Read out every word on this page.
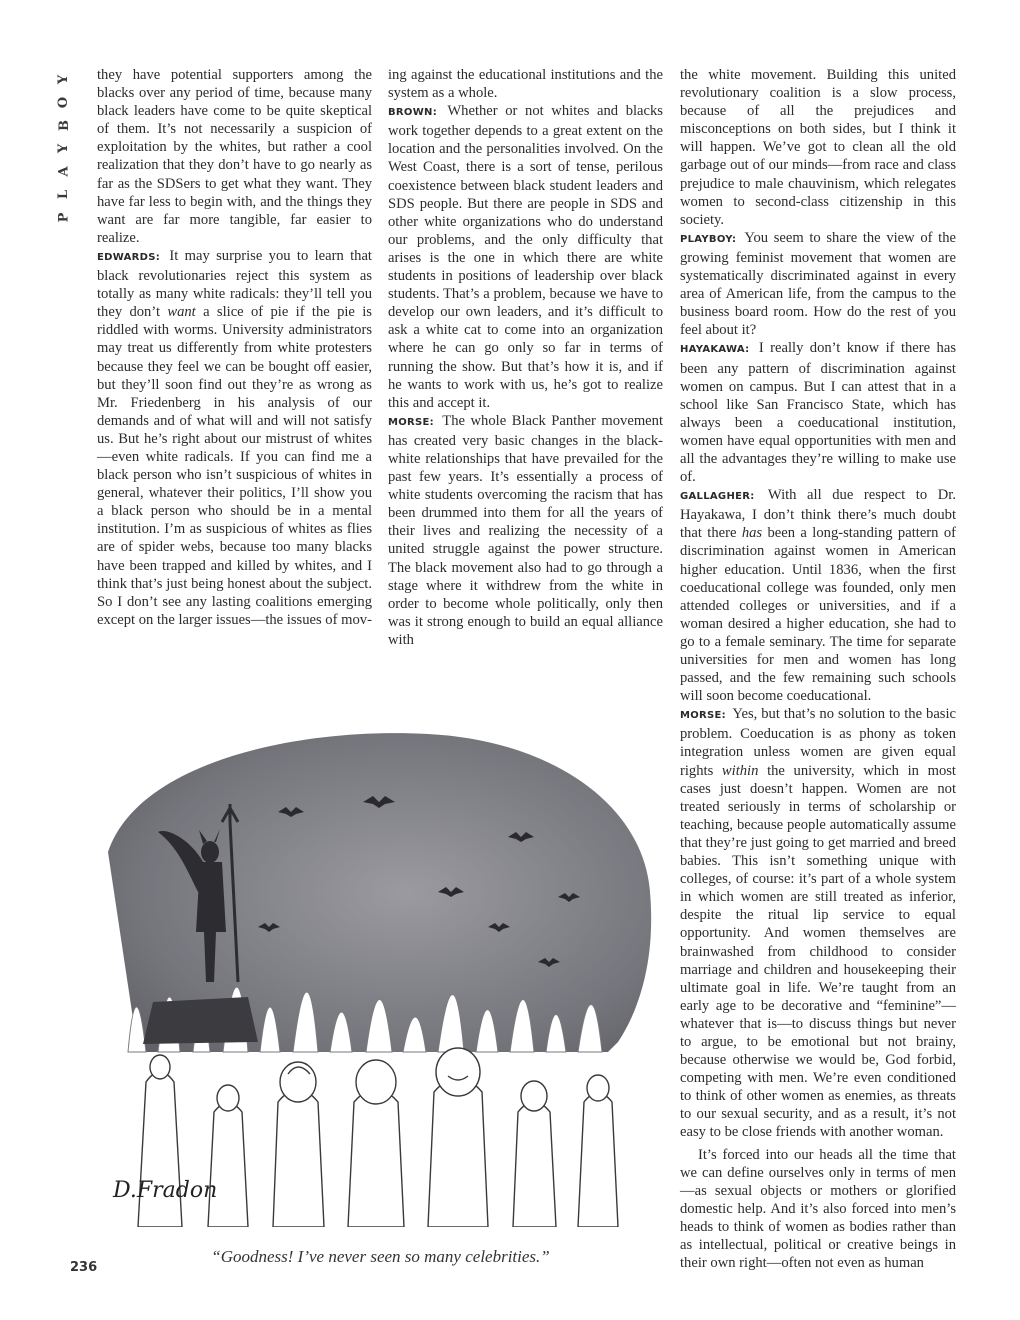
Y
O
B
Y
A
L
P

they have potential supporters among the blacks over any period of time, because many black leaders have come to be quite skeptical of them. It’s not necessarily a suspicion of exploitation by the whites, but rather a cool realization that they don’t have to go nearly as far as the SDSers to get what they want. They have far less to begin with, and the things they want are far more tangible, far easier to realize.

EDWARDS: It may surprise you to learn that black revolutionaries reject this system as totally as many white radicals: they’ll tell you they don’t want a slice of pie if the pie is riddled with worms. University administrators may treat us differently from white protesters because they feel we can be bought off easier, but they’ll soon find out they’re as wrong as Mr. Friedenberg in his analysis of our demands and of what will and will not satisfy us. But he’s right about our mistrust of whites—even white radicals. If you can find me a black person who isn’t suspicious of whites in general, whatever their politics, I’ll show you a black person who should be in a mental institution. I’m as suspicious of whites as flies are of spider webs, because too many blacks have been trapped and killed by whites, and I think that’s just being honest about the subject. So I don’t see any lasting coalitions emerging except on the larger issues—the issues of mov-

ing against the educational institutions and the system as a whole.

BROWN: Whether or not whites and blacks work together depends to a great extent on the location and the personalities involved. On the West Coast, there is a sort of tense, perilous coexistence between black student leaders and SDS people. But there are people in SDS and other white organizations who do understand our problems, and the only difficulty that arises is the one in which there are white students in positions of leadership over black students. That’s a problem, because we have to develop our own leaders, and it’s difficult to ask a white cat to come into an organization where he can go only so far in terms of running the show. But that’s how it is, and if he wants to work with us, he’s got to realize this and accept it.

MORSE: The whole Black Panther movement has created very basic changes in the black-white relationships that have prevailed for the past few years. It’s essentially a process of white students overcoming the racism that has been drummed into them for all the years of their lives and realizing the necessity of a united struggle against the power structure. The black movement also had to go through a stage where it withdrew from the white in order to become whole politically, only then was it strong enough to build an equal alliance with

the white movement. Building this united revolutionary coalition is a slow process, because of all the prejudices and misconceptions on both sides, but I think it will happen. We’ve got to clean all the old garbage out of our minds—from race and class prejudice to male chauvinism, which relegates women to second-class citizenship in this society.

PLAYBOY: You seem to share the view of the growing feminist movement that women are systematically discriminated against in every area of American life, from the campus to the business board room. How do the rest of you feel about it?

HAYAKAWA: I really don’t know if there has been any pattern of discrimination against women on campus. But I can attest that in a school like San Francisco State, which has always been a coeducational institution, women have equal opportunities with men and all the advantages they’re willing to make use of.

GALLAGHER: With all due respect to Dr. Hayakawa, I don’t think there’s much doubt that there has been a long-standing pattern of discrimination against women in American higher education. Until 1836, when the first coeducational college was founded, only men attended colleges or universities, and if a woman desired a higher education, she had to go to a female seminary. The time for separate universities for men and women has long passed, and the few remaining such schools will soon become coeducational.

MORSE: Yes, but that’s no solution to the basic problem. Coeducation is as phony as token integration unless women are given equal rights within the university, which in most cases just doesn’t happen. Women are not treated seriously in terms of scholarship or teaching, because people automatically assume that they’re just going to get married and breed babies. This isn’t something unique with colleges, of course: it’s part of a whole system in which women are still treated as inferior, despite the ritual lip service to equal opportunity. And women themselves are brainwashed from childhood to consider marriage and children and housekeeping their ultimate goal in life. We’re taught from an early age to be decorative and “feminine”—whatever that is—to discuss things but never to argue, to be emotional but not brainy, because otherwise we would be, God forbid, competing with men. We’re even conditioned to think of other women as enemies, as threats to our sexual security, and as a result, it’s not easy to be close friends with another woman.

It’s forced into our heads all the time that we can define ourselves only in terms of men—as sexual objects or mothers or glorified domestic help. And it’s also forced into men’s heads to think of women as bodies rather than as intellectual, political or creative beings in their own right—often not even as human

D.Fradon
“Goodness! I’ve never seen so many celebrities.”
236
